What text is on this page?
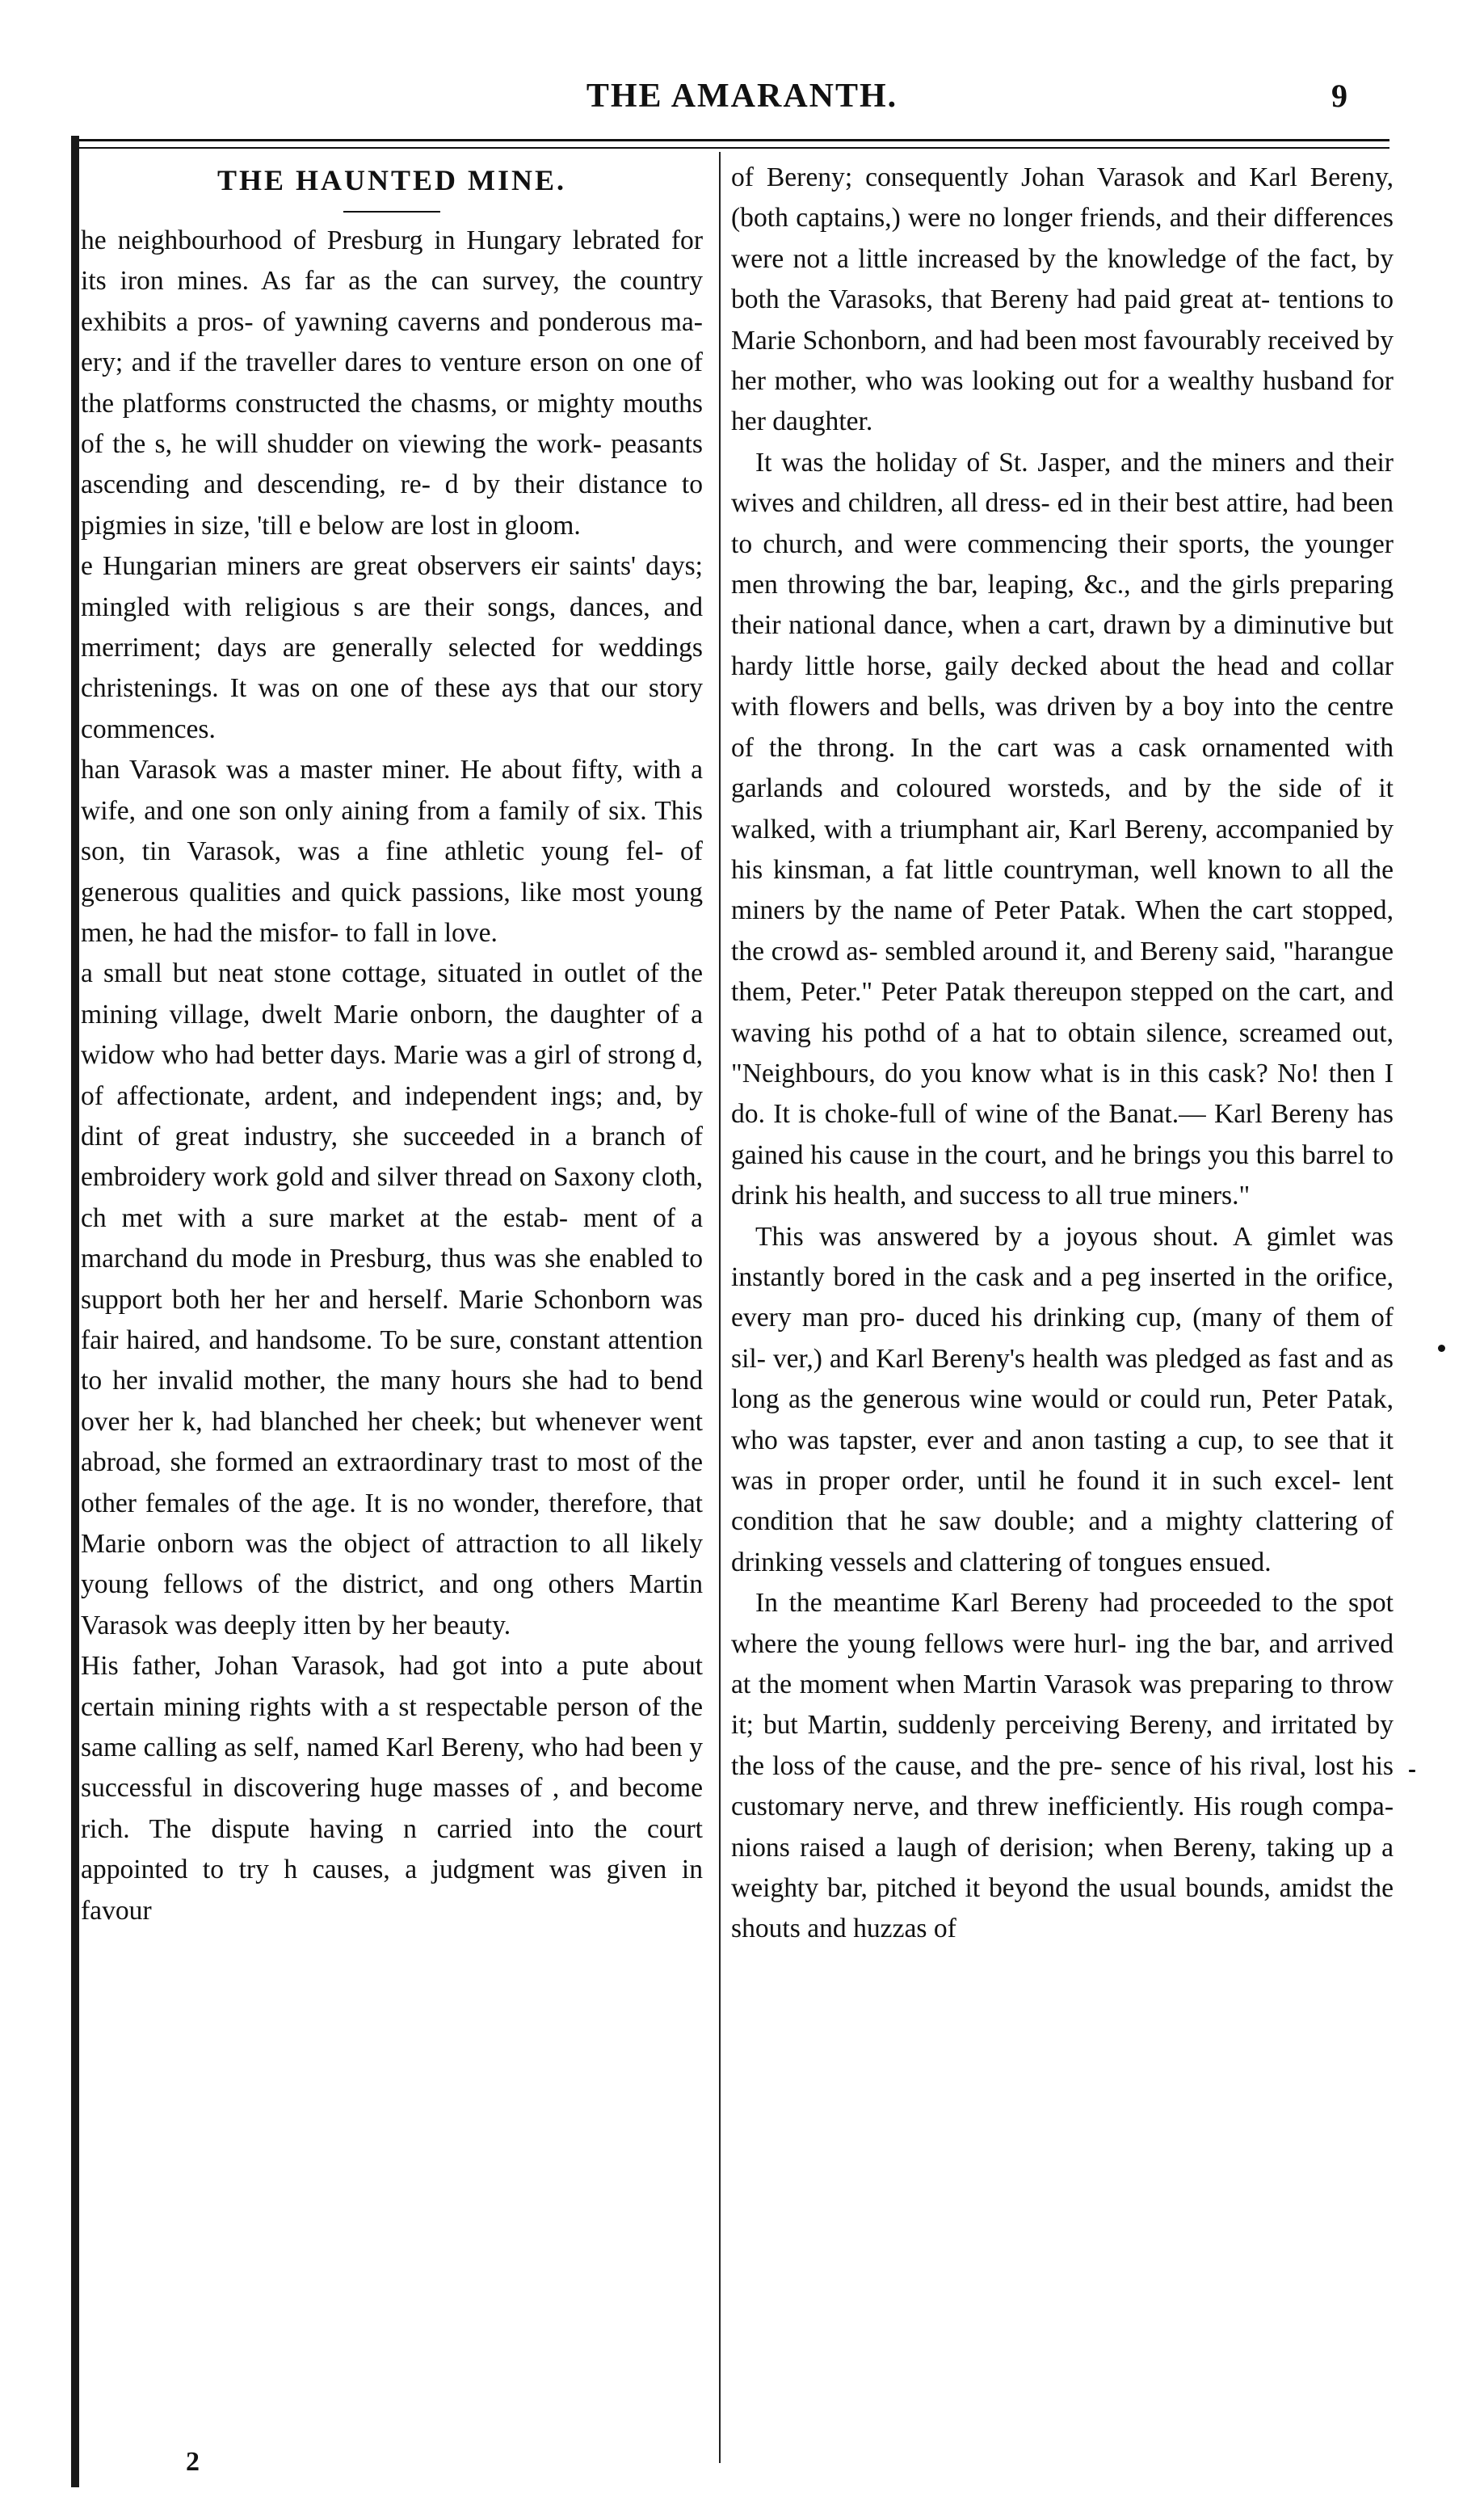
THE AMARANTH.	9
THE HAUNTED MINE.

he neighbourhood of Presburg in Hungary lebrated for its iron mines. As far as the can survey, the country exhibits a pros- of yawning caverns and ponderous ma- ery; and if the traveller dares to venture erson on one of the platforms constructed the chasms, or mighty mouths of the s, he will shudder on viewing the work- peasants ascending and descending, re- d by their distance to pigmies in size, 'till e below are lost in gloom.

e Hungarian miners are great observers eir saints' days; mingled with religious s are their songs, dances, and merriment; days are generally selected for weddings christenings. It was on one of these ays that our story commences.

han Varasok was a master miner. He about fifty, with a wife, and one son only aining from a family of six. This son, tin Varasok, was a fine athletic young fel- of generous qualities and quick passions, like most young men, he had the misfor- to fall in love.

a small but neat stone cottage, situated in outlet of the mining village, dwelt Marie onborn, the daughter of a widow who had better days. Marie was a girl of strong d, of affectionate, ardent, and independent ings; and, by dint of great industry, she succeeded in a branch of embroidery work gold and silver thread on Saxony cloth, ch met with a sure market at the estab- ment of a marchand du mode in Presburg, thus was she enabled to support both her her and herself. Marie Schonborn was fair haired, and handsome. To be sure, constant attention to her invalid mother, the many hours she had to bend over her k, had blanched her cheek; but whenever went abroad, she formed an extraordinary trast to most of the other females of the age. It is no wonder, therefore, that Marie onborn was the object of attraction to all likely young fellows of the district, and ong others Martin Varasok was deeply itten by her beauty.

His father, Johan Varasok, had got into a pute about certain mining rights with a st respectable person of the same calling as self, named Karl Bereny, who had been y successful in discovering huge masses of , and become rich. The dispute having n carried into the court appointed to try h causes, a judgment was given in favour

of Bereny; consequently Johan Varasok and Karl Bereny, (both captains,) were no longer friends, and their differences were not a little increased by the knowledge of the fact, by both the Varasoks, that Bereny had paid great at- tentions to Marie Schonborn, and had been most favourably received by her mother, who was looking out for a wealthy husband for her daughter.

It was the holiday of St. Jasper, and the miners and their wives and children, all dress- ed in their best attire, had been to church, and were commencing their sports, the younger men throwing the bar, leaping, &c., and the girls preparing their national dance, when a cart, drawn by a diminutive but hardy little horse, gaily decked about the head and collar with flowers and bells, was driven by a boy into the centre of the throng. In the cart was a cask ornamented with garlands and coloured worsteds, and by the side of it walked, with a triumphant air, Karl Bereny, accompanied by his kinsman, a fat little countryman, well known to all the miners by the name of Peter Patak. When the cart stopped, the crowd as- sembled around it, and Bereny said, "harangue them, Peter." Peter Patak thereupon stepped on the cart, and waving his pothd of a hat to obtain silence, screamed out, "Neighbours, do you know what is in this cask? No! then I do. It is choke-full of wine of the Banat.— Karl Bereny has gained his cause in the court, and he brings you this barrel to drink his health, and success to all true miners."

This was answered by a joyous shout. A gimlet was instantly bored in the cask and a peg inserted in the orifice, every man pro- duced his drinking cup, (many of them of sil- ver,) and Karl Bereny's health was pledged as fast and as long as the generous wine would or could run, Peter Patak, who was tapster, ever and anon tasting a cup, to see that it was in proper order, until he found it in such excel- lent condition that he saw double; and a mighty clattering of drinking vessels and clattering of tongues ensued.

In the meantime Karl Bereny had proceeded to the spot where the young fellows were hurl- ing the bar, and arrived at the moment when Martin Varasok was preparing to throw it; but Martin, suddenly perceiving Bereny, and irritated by the loss of the cause, and the pre- sence of his rival, lost his customary nerve, and threw inefficiently. His rough compa- nions raised a laugh of derision; when Bereny, taking up a weighty bar, pitched it beyond the usual bounds, amidst the shouts and huzzas of

2
